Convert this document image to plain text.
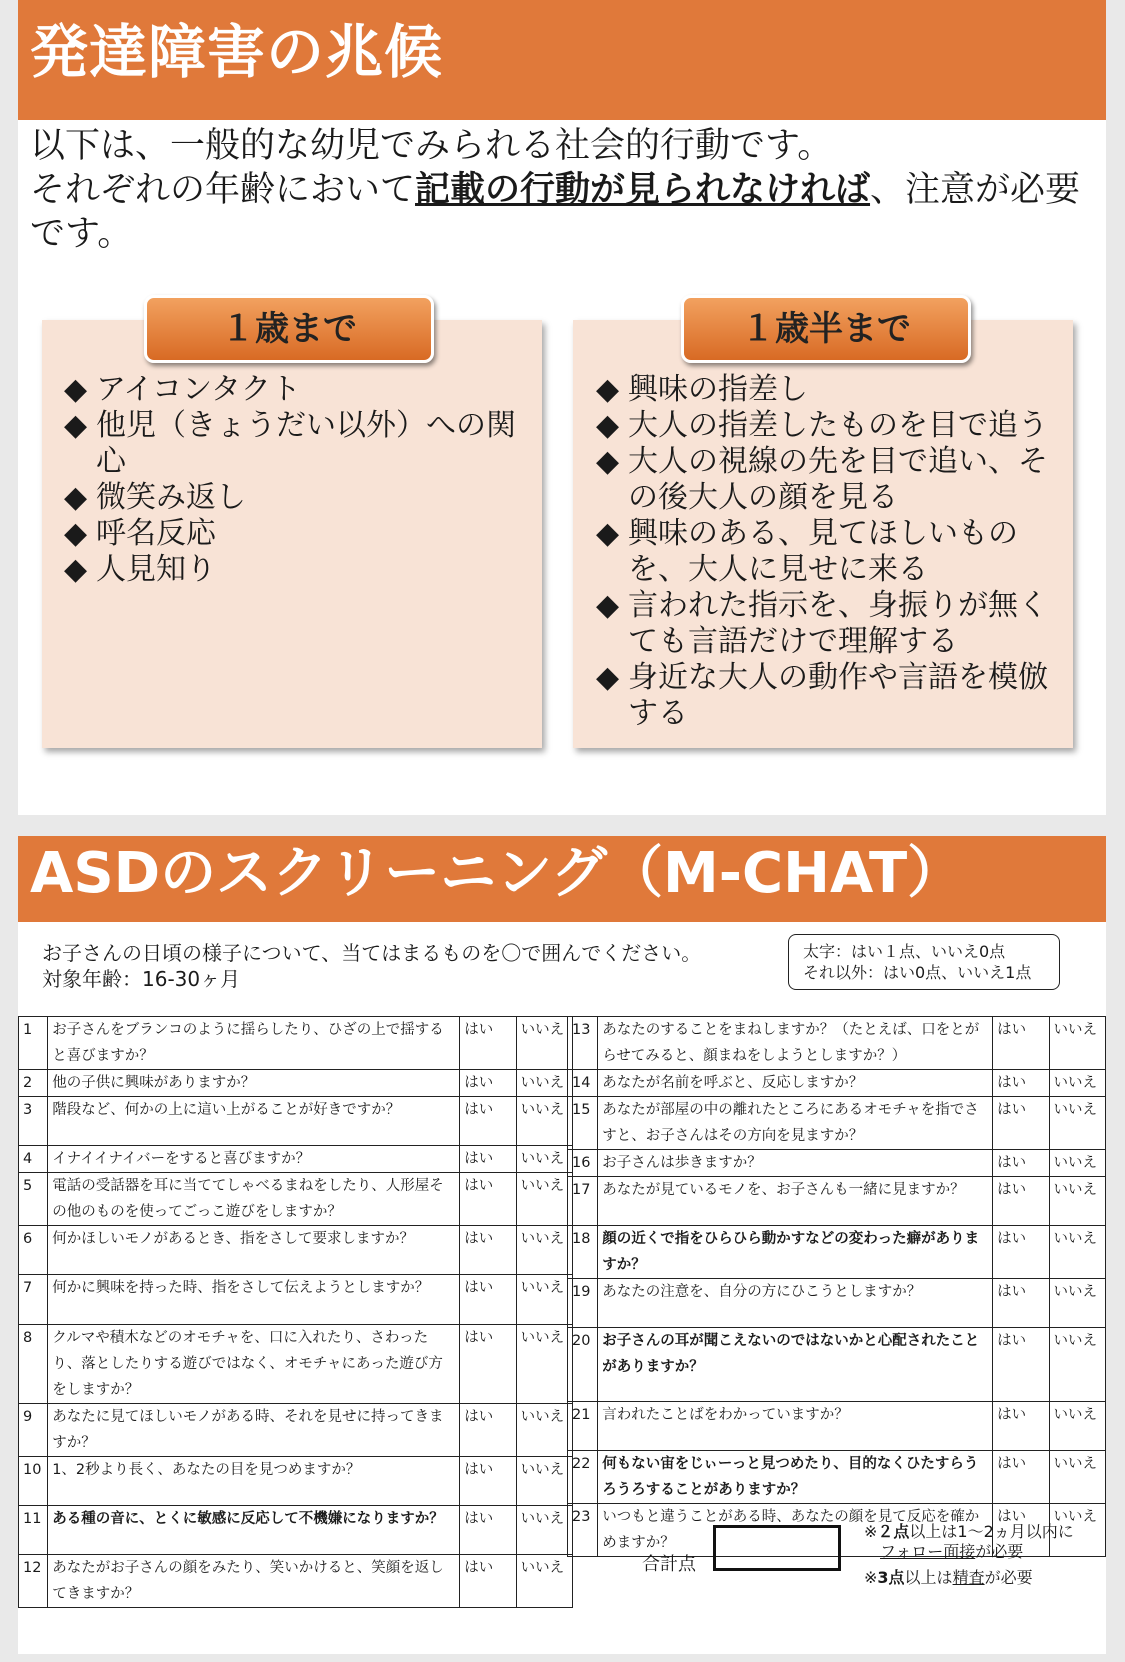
発達障害の兆候

以下は、一般的な幼児でみられる社会的行動です。

それぞれの年齢において記載の行動が見られなければ、注意が必要です。

１歳まで	１歳半まで
◆ アイコンタクト
◆ 他児（きょうだい以外）への関心
◆ 微笑み返し
◆ 呼名反応
◆ 人見知り
◆ 興味の指差し
◆ 大人の指差したものを目で追う
◆ 大人の視線の先を目で追い、その後大人の顔を見る
◆ 興味のある、見てほしいものを、大人に見せに来る
◆ 言われた指示を、身振りが無くても言語だけで理解する
◆ 身近な大人の動作や言語を模倣する
ASDのスクリーニング（M-CHAT）

お子さんの日頃の様子について、当てはまるものを〇で囲んでください。

対象年齢：16-30ヶ月

太字：はい１点、いいえ0点

それ以外：はい0点、いいえ1点

1	お子さんをブランコのように揺らしたり、ひざの上で揺すると喜びますか？	はい	いいえ
2	他の子供に興味がありますか？	はい	いいえ
3	階段など、何かの上に這い上がることが好きですか？	はい	いいえ
4	イナイイナイバーをすると喜びますか？	はい	いいえ
5	電話の受話器を耳に当ててしゃべるまねをしたり、人形屋その他のものを使ってごっこ遊びをしますか？	はい	いいえ
6	何かほしいモノがあるとき、指をさして要求しますか？	はい	いいえ
7	何かに興味を持った時、指をさして伝えようとしますか？	はい	いいえ
8	クルマや積木などのオモチャを、口に入れたり、さわったり、落としたりする遊びではなく、オモチャにあった遊び方をしますか？	はい	いいえ
9	あなたに見てほしいモノがある時、それを見せに持ってきますか？	はい	いいえ
10	1、2秒より長く、あなたの目を見つめますか？	はい	いいえ
11	ある種の音に、とくに敏感に反応して不機嫌になりますか？	はい	いいえ
12	あなたがお子さんの顔をみたり、笑いかけると、笑顔を返してきますか？	はい	いいえ
13	あなたのすることをまねしますか？（たとえば、口をとがらせてみると、顔まねをしようとしますか？）	はい	いいえ
14	あなたが名前を呼ぶと、反応しますか？	はい	いいえ
15	あなたが部屋の中の離れたところにあるオモチャを指でさすと、お子さんはその方向を見ますか？	はい	いいえ
16	お子さんは歩きますか？	はい	いいえ
17	あなたが見ているモノを、お子さんも一緒に見ますか？	はい	いいえ
18	顔の近くで指をひらひら動かすなどの変わった癖がありますか？	はい	いいえ
19	あなたの注意を、自分の方にひこうとしますか？	はい	いいえ
20	お子さんの耳が聞こえないのではないかと心配されたことがありますか？	はい	いいえ
21	言われたことばをわかっていますか？	はい	いいえ
22	何もない宙をじぃーっと見つめたり、目的なくひたすらうろうろすることがありますか？	はい	いいえ
23	いつもと違うことがある時、あなたの顔を見て反応を確かめますか？	はい	いいえ
合計点

※２点以上は1～2ヵ月以内に
フォロー面接が必要

※3点以上は精査が必要
